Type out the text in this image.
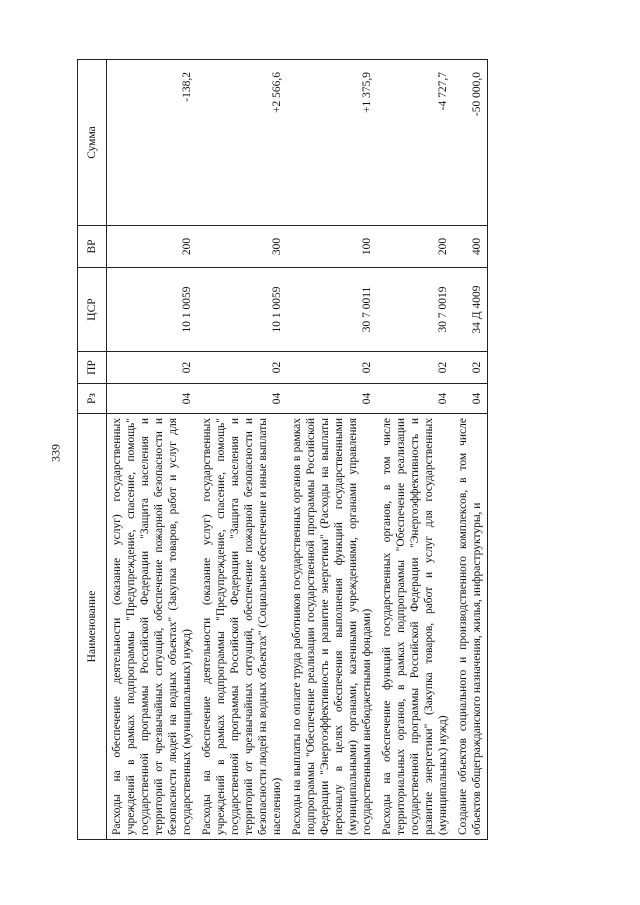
339
Наименование	Рз	ПР	ЦСР	ВР	Сумма
Расходы на обеспечение деятельности (оказание услуг) государственных учреждений в рамках подпрограммы "Предупреждение, спасение, помощь" государственной программы Российской Федерации "Защита населения и территорий от чрезвычайных ситуаций, обеспечение пожарной безопасности и безопасности людей на водных объектах" (Закупка товаров, работ и услуг для государственных (муниципальных) нужд)	04	02	10 1 0059	200	-138,2
Расходы на обеспечение деятельности (оказание услуг) государственных учреждений в рамках подпрограммы "Предупреждение, спасение, помощь" государственной программы Российской Федерации "Защита населения и территорий от чрезвычайных ситуаций, обеспечение пожарной безопасности и безопасности людей на водных объектах" (Социальное обеспечение и иные выплаты населению)	04	02	10 1 0059	300	+2 566,6
Расходы на выплаты по оплате труда работников государственных органов в рамках подпрограммы "Обеспечение реализации государственной программы Российской Федерации "Энергоэффективность и развитие энергетики" (Расходы на выплаты персоналу в целях обеспечения выполнения функций государственными (муниципальными) органами, казенными учреждениями, органами управления государственными внебюджетными фондами)	04	02	30 7 0011	100	+1 375,9
Расходы на обеспечение функций государственных органов, в том числе территориальных органов, в рамках подпрограммы "Обеспечение реализации государственной программы Российской Федерации "Энергоэффективность и развитие энергетики" (Закупка товаров, работ и услуг для государственных (муниципальных) нужд)	04	02	30 7 0019	200	-4 727,7
Создание объектов социального и производственного комплексов, в том числе объектов общегражданского назначения, жилья, инфраструктуры, и	04	02	34 Д 4009	400	-50 000,0
